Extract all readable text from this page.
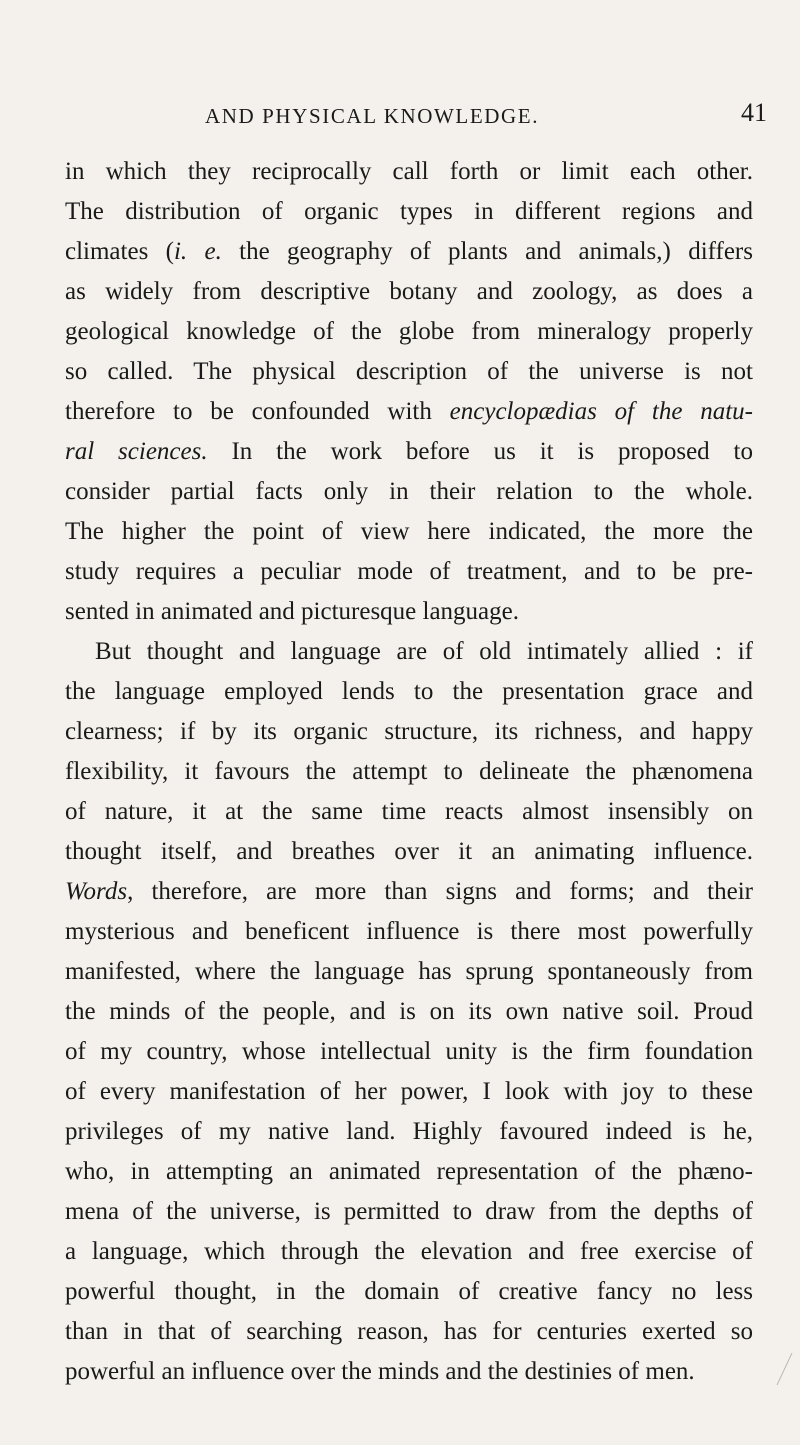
AND PHYSICAL KNOWLEDGE.	41
in which they reciprocally call forth or limit each other.
The distribution of organic types in different regions and
climates (i. e. the geography of plants and animals,) differs
as widely from descriptive botany and zoology, as does a
geological knowledge of the globe from mineralogy properly
so called. The physical description of the universe is not
therefore to be confounded with encyclopædias of the natu-
ral sciences. In the work before us it is proposed to
consider partial facts only in their relation to the whole.
The higher the point of view here indicated, the more the
study requires a peculiar mode of treatment, and to be pre-
sented in animated and picturesque language.
But thought and language are of old intimately allied : if
the language employed lends to the presentation grace and
clearness; if by its organic structure, its richness, and happy
flexibility, it favours the attempt to delineate the phænomena
of nature, it at the same time reacts almost insensibly on
thought itself, and breathes over it an animating influence.
Words, therefore, are more than signs and forms; and their
mysterious and beneficent influence is there most powerfully
manifested, where the language has sprung spontaneously from
the minds of the people, and is on its own native soil. Proud
of my country, whose intellectual unity is the firm foundation
of every manifestation of her power, I look with joy to these
privileges of my native land. Highly favoured indeed is he,
who, in attempting an animated representation of the phæno-
mena of the universe, is permitted to draw from the depths of
a language, which through the elevation and free exercise of
powerful thought, in the domain of creative fancy no less
than in that of searching reason, has for centuries exerted so
powerful an influence over the minds and the destinies of men.
